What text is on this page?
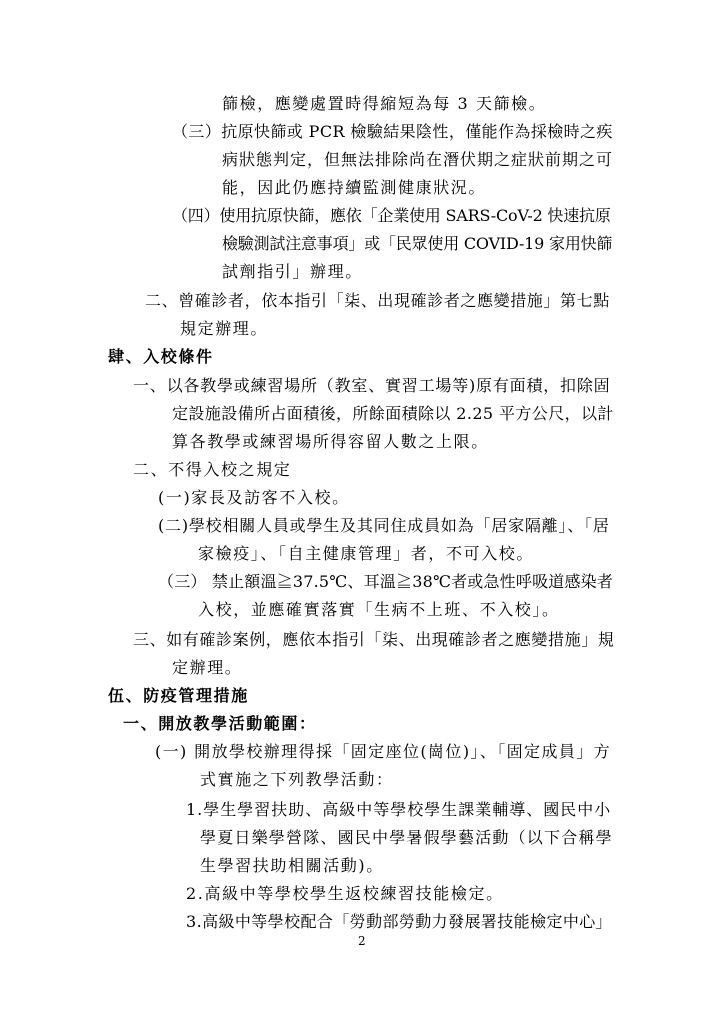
篩檢，應變處置時得縮短為每 3 天篩檢。
（三）抗原快篩或 PCR 檢驗結果陰性，僅能作為採檢時之疾
病狀態判定，但無法排除尚在潛伏期之症狀前期之可
能，因此仍應持續監測健康狀況。
（四）使用抗原快篩，應依「企業使用 SARS-CoV-2 快速抗原
檢驗測試注意事項」或「民眾使用 COVID-19 家用快篩
試劑指引」辦理。
二、曾確診者，依本指引「柒、出現確診者之應變措施」第七點
規定辦理。
肆、入校條件
一、以各教學或練習場所（教室、實習工場等)原有面積，扣除固
定設施設備所占面積後，所餘面積除以 2.25 平方公尺，以計
算各教學或練習場所得容留人數之上限。
二、不得入校之規定
(一)家長及訪客不入校。
(二)學校相關人員或學生及其同住成員如為「居家隔離」、「居
家檢疫」、「自主健康管理」者，不可入校。
（三） 禁止額溫≧37.5℃、耳溫≧38℃者或急性呼吸道感染者
入校，並應確實落實「生病不上班、不入校」。
三、如有確診案例，應依本指引「柒、出現確診者之應變措施」規
定辦理。
伍、防疫管理措施
一、開放教學活動範圍：
(一) 開放學校辦理得採「固定座位(崗位)」、「固定成員」方
式實施之下列教學活動：
1.學生學習扶助、高級中等學校學生課業輔導、國民中小
學夏日樂學營隊、國民中學暑假學藝活動（以下合稱學
生學習扶助相關活動)。
2.高級中等學校學生返校練習技能檢定。
3.高級中等學校配合「勞動部勞動力發展署技能檢定中心」
2
